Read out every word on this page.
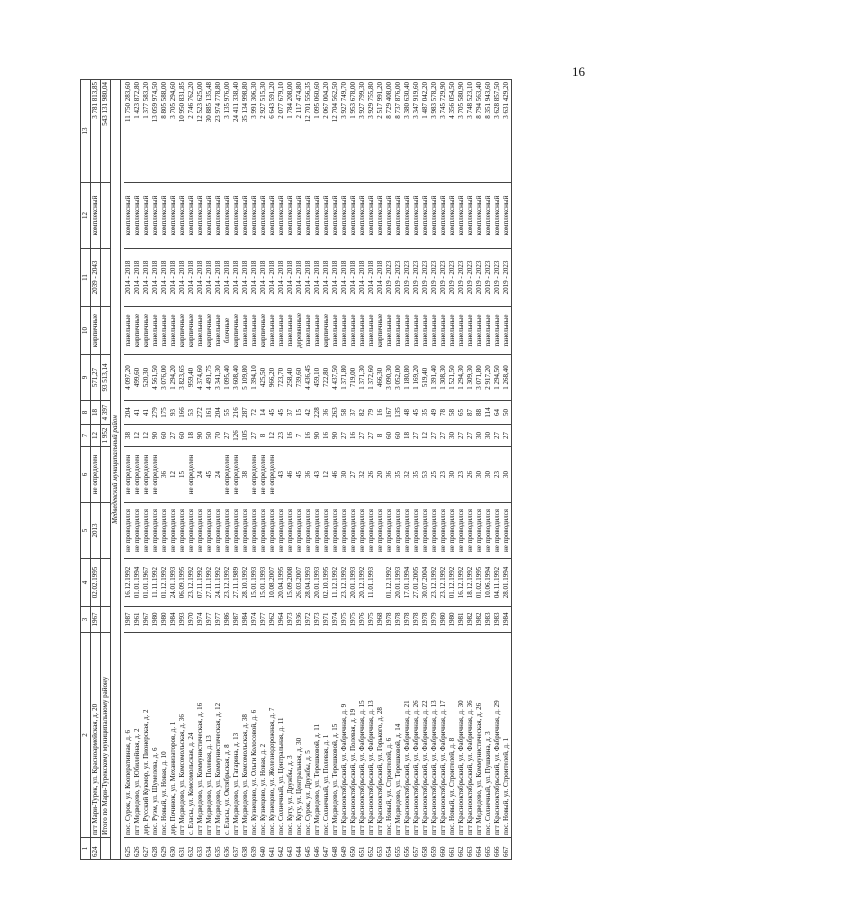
16
1	2	3	4	5	6	7	8	9	10	11	12	13
624	пгт Мари-Турек, ул. Красноармейская, д. 20	1967	02.02.1995	2013	не определен	12	18	571,27	кирпичные	2039 - 2043	комплексный	3 781 813,85
	Итого по Мари-Турекскому муниципальному району					1 952	4 397	93 513,14				543 131 980,04
Медведевский муниципальный район												

625	пос. Сурок, ул. Кооперативная, д. 6	1987	16.12.1992	не проводился	не определен	38	204	4 097,20	панельные	2014 - 2018	комплексный	11 750 283,60
626	пгт Медведево, ул. Юбилейная, д. 2	1961	01.01.1994	не проводился	не определен	12	41	499,60	кирпичные	2014 - 2018	комплексный	1 423 872,80
627	дер. Русский Кукмор, ул. Пионерская, д. 2	1967	01.01.1967	не проводился	не определен	12	41	520,30	кирпичные	2014 - 2018	комплексный	1 377 583,20
628	пос. Руэм, ул. Шумелева, д. 6	1980	11.11.1992	не проводился	не определен	90	279	4 561,50	панельные	2014 - 2018	комплексный	13 059 974,50
629	пос. Новый, ул. Новая, д. 10	1980	01.12.1992	не проводился	36	60	175	3 076,00	панельные	2014 - 2018	комплексный	8 805 588,00
630	дер. Починок, ул. Механизаторов, д. 1	1984	24.01.1993	не проводился	12	27	93	1 294,20	панельные	2014 - 2018	комплексный	3 705 294,60
631	пгт Медведево, ул. Комсомольская, д. 36	1993	06.09.1995	не проводился	15	60	166	3 823,65	кирпичные	2014 - 2018	комплексный	10 950 831,85
632	с. Еласы, ул. Комсомольская, д. 24	1970	23.12.1992	не проводился	не определен	18	53	959,40	кирпичные	2014 - 2018	комплексный	2 746 762,20
633	пгт Медведево, ул. Коммунистическая, д. 16	1974	07.11.1992	не проводился	24	90	272	4 374,60	панельные	2014 - 2018	комплексный	12 523 625,00
634	пгт Медведево, ул. Полевая, д. 13	1977	27.11.1992	не проводился	45	50	161	4 491,75	кирпичные	2014 - 2018	комплексный	30 885 135,48
635	пгт Медведево, ул. Коммунистическая, д. 12	1977	24.11.1992	не проводился	24	70	204	3 341,30	панельные	2014 - 2018	комплексный	23 974 778,80
636	с. Еласы, ул. Октябрьская, д. 8	1986	23.12.1992	не проводился	не определен	27	55	1 095,40	блочные	2014 - 2018	комплексный	3 135 976,00
637	пгт Медведево, ул. Гагарина, д. 13	1987	27.11.1989	не проводился	не определен	126	216	3 608,40	кирпичные	2014 - 2018	комплексный	24 411 338,40
638	пгт Медведево, ул. Комсомольская, д. 38	1984	28.10.1992	не проводился	38	105	287	5 109,80	панельные	2014 - 2018	комплексный	35 134 998,80
639	пос. Кузнецово, ул. Ольги Колосовой, д. 6	1974	15.01.1993	не проводился	не определен	27	72	1 394,10	панельные	2014 - 2018	комплексный	3 991 306,30
640	пос. Кузнецово, ул. Новая, д. 2	1977	15.01.1993	не проводился	не определен	8	14	425,50	кирпичные	2014 - 2018	комплексный	2 927 515,30
641	пос. Кузнецово, ул. Железнодорожная, д. 7	1962	10.08.2007	не проводился	не определен	12	45	966,20	панельные	2014 - 2018	комплексный	6 643 591,20
642	пос. Солнечный, ул. Центральная, д. 11	1964	20.04.1995	не проводился	43	23	45	723,70	панельные	2014 - 2018	комплексный	2 077 679,10
643	пос. Кугу, ул. Дружбы, д. 3	1973	15.09.2008	не проводился	46	16	37	258,40	панельные	2014 - 2018	комплексный	1 784 208,00
644	пос. Кугу, ул. Центральная, д. 30	1936	26.03.2007	не проводился	45	7	15	739,60	деревянные	2014 - 2018	комплексный	2 117 474,80
645	пос. Сурок, ул. Дружбы, д. 5	1972	28.04.1993	не проводился	36	16	42	4 436,45	панельные	2014 - 2018	комплексный	12 701 556,35
646	пгт Медведево, ул. Терешковой, д. 11	1973	20.01.1993	не проводился	43	90	228	459,10	панельные	2014 - 2018	комплексный	1 095 060,60
647	пос. Солнечный, ул. Полевая, д. 1	1971	02.10.1995	не проводился	12	16	36	722,80	кирпичные	2014 - 2018	комплексный	2 067 004,20
648	пгт Медведево, ул. Терешковой, д. 15	1974	11.12.1992	не проводился	46	90	263	4 437,50	панельные	2014 - 2018	комплексный	12 704 562,50
649	пгт Краснооктябрьский, ул. Фабричная, д. 9	1975	23.12.1992	не проводился	30	27	58	1 371,80	панельные	2014 - 2018	комплексный	3 927 749,70
650	пгт Краснооктябрьский, ул. Полевая, д. 19	1975	20.01.1993	не проводился	27	16	37	719,00	панельные	2014 - 2018	комплексный	1 953 678,00
651	пгт Краснооктябрьский, ул. Фабричная, д. 15	1976	20.12.1992	не проводился	32	27	82	1 371,30	панельные	2014 - 2018	комплексный	3 927 799,30
652	пгт Краснооктябрьский, ул. Фабричная, д. 13	1975	11.01.1993	не проводился	26	27	79	1 372,60	панельные	2014 - 2018	комплексный	3 929 755,80
653	пгт Краснооктябрьский, ул. Горького, д. 28	1968		не проводился	20	8	16	466,30	кирпичные	2014 - 2018	комплексный	2 517 991,20
654	пос. Новый, ул. Строителей, д. 6	1978	01.12.1992	не проводился	36	60	167	3 090,30	панельные	2019 - 2023	комплексный	8 729 408,00
655	пгт Медведево, ул. Терешковой, д. 14	1978	20.01.1993	не проводился	35	60	135	3 052,00	панельные	2019 - 2023	комплексный	8 737 876,00
656	пгт Краснооктябрьский, ул. Фабричная, д. 21	1978	17.01.1994	не проводился	32	18	48	1 180,80	панельные	2019 - 2023	комплексный	3 380 630,40
657	пгт Краснооктябрьский, ул. Фабричная, д. 26	1978	27.01.2005	не проводился	35	27	45	1 169,20	панельные	2019 - 2023	комплексный	3 347 919,60
658	пгт Краснооктябрьский, ул. Фабричная, д. 22	1978	30.07.2004	не проводился	53	12	35	519,40	панельные	2019 - 2023	комплексный	1 487 042,20
659	пгт Краснооктябрьский, ул. Фабричная, д. 13	1979	23.12.1992	не проводился	25	27	49	1 391,40	панельные	2019 - 2023	комплексный	3 983 578,20
660	пгт Краснооктябрьский, ул. Фабричная, д. 17	1980	23.12.1992	не проводился	23	27	78	1 308,30	панельные	2019 - 2023	комплексный	3 745 729,90
661	пос. Новый, ул. Строителей, д. 8	1980	01.12.1992	не проводился	30	30	58	1 521,50	панельные	2019 - 2023	комплексный	4 356 054,50
662	пгт Краснооктябрьский, ул. Фабричная, д. 30	1981	16.12.1992	не проводился	23	27	65	1 294,30	панельные	2019 - 2023	комплексный	3 705 580,90
663	пгт Краснооктябрьский, ул. Фабричная, д. 36	1982	18.12.1992	не проводился	26	27	87	1 309,30	панельные	2019 - 2023	комплексный	3 748 523,10
664	пгт Медведево, ул. Коммунистическая, д. 26	1982	01.02.1995	не проводился	30	30	88	3 071,80	панельные	2019 - 2023	комплексный	8 794 563,40
665	пос. Солнечный, ул. Пушкина, д. 3	1983	10.06.1994	не проводился	30	30	114	2 917,20	панельные	2019 - 2023	комплексный	8 351 943,60
666	пгт Краснооктябрьский, ул. Фабричная, д. 29	1983	04.11.1992	не проводился	23	27	64	1 294,50	панельные	2019 - 2023	комплексный	3 628 857,50
667	пос. Новый, ул. Строителей, д. 1	1984	28.01.1994	не проводился	30	27	50	1 268,40	панельные	2019 - 2023	комплексный	3 631 429,20
